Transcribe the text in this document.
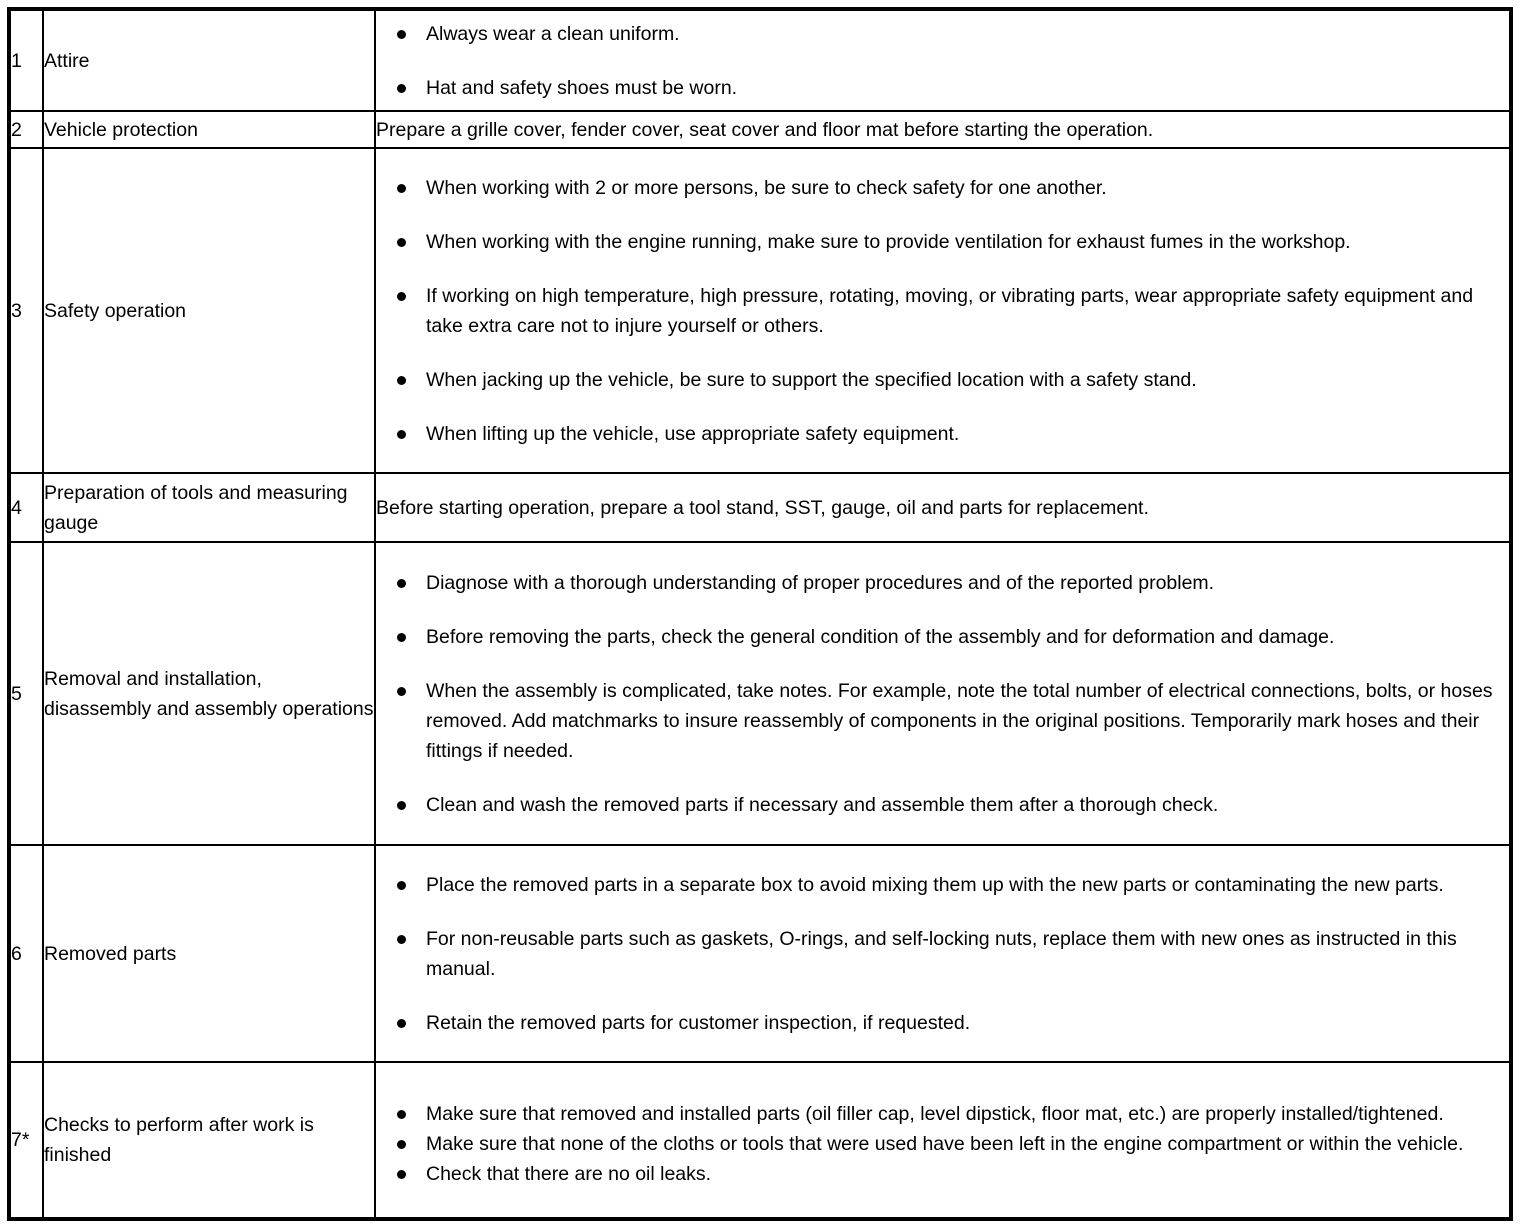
1	Attire	Always wear a clean uniform.
Hat and safety shoes must be worn.

2	Vehicle protection	Prepare a grille cover, fender cover, seat cover and floor mat before starting the operation.
3	Safety operation	When working with 2 or more persons, be sure to check safety for one another.
When working with the engine running, make sure to provide ventilation for exhaust fumes in the workshop.
If working on high temperature, high pressure, rotating, moving, or vibrating parts, wear appropriate safety equipment and take extra care not to injure yourself or others.
When jacking up the vehicle, be sure to support the specified location with a safety stand.
When lifting up the vehicle, use appropriate safety equipment.

4	Preparation of tools and measuring gauge	Before starting operation, prepare a tool stand, SST, gauge, oil and parts for replacement.
5	Removal and installation, disassembly and assembly operations	Diagnose with a thorough understanding of proper procedures and of the reported problem.
Before removing the parts, check the general condition of the assembly and for deformation and damage.
When the assembly is complicated, take notes. For example, note the total number of electrical connections, bolts, or hoses removed. Add matchmarks to insure reassembly of components in the original positions. Temporarily mark hoses and their fittings if needed.
Clean and wash the removed parts if necessary and assemble them after a thorough check.

6	Removed parts	Place the removed parts in a separate box to avoid mixing them up with the new parts or contaminating the new parts.
For non-reusable parts such as gaskets, O-rings, and self-locking nuts, replace them with new ones as instructed in this manual.
Retain the removed parts for customer inspection, if requested.

7*	Checks to perform after work is finished	Make sure that removed and installed parts (oil filler cap, level dipstick, floor mat, etc.) are properly installed/tightened.
Make sure that none of the cloths or tools that were used have been left in the engine compartment or within the vehicle.
Check that there are no oil leaks.
